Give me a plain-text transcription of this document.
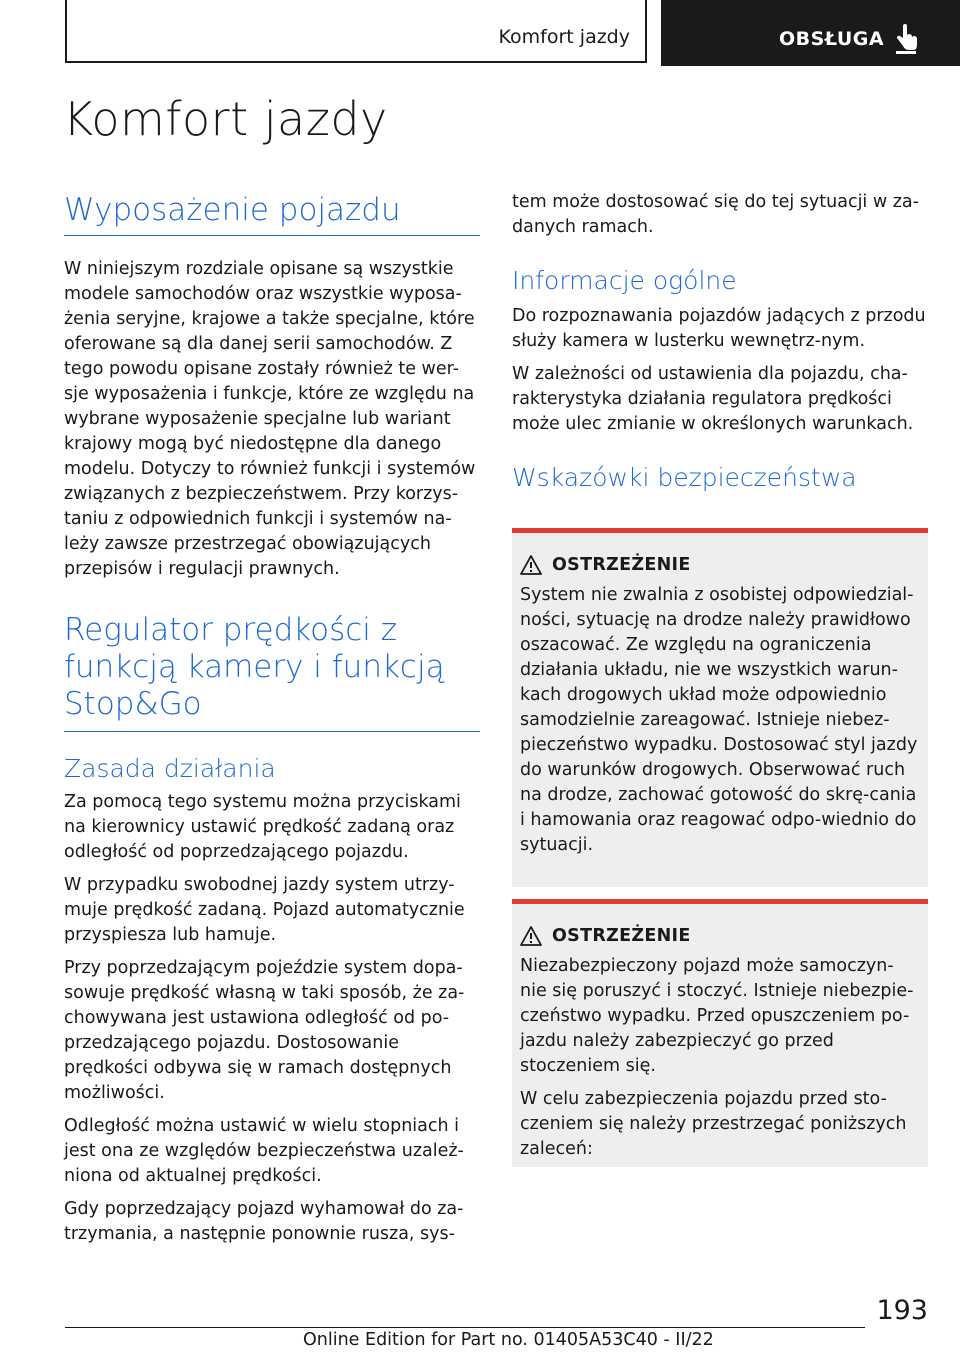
Komfort jazdy	OBSŁUGA
Komfort jazdy
Wyposażenie pojazdu

W niniejszym rozdziale opisane są wszystkie modele samochodów oraz wszystkie wyposa-żenia seryjne, krajowe a także specjalne, które oferowane są dla danej serii samochodów. Z tego powodu opisane zostały również te wer-sje wyposażenia i funkcje, które ze względu na wybrane wyposażenie specjalne lub wariant krajowy mogą być niedostępne dla danego modelu. Dotyczy to również funkcji i systemów związanych z bezpieczeństwem. Przy korzys-taniu z odpowiednich funkcji i systemów na-leży zawsze przestrzegać obowiązujących przepisów i regulacji prawnych.

Regulator prędkości z
funkcją kamery i funkcją
Stop&Go
Zasada działania

Za pomocą tego systemu można przyciskami na kierownicy ustawić prędkość zadaną oraz odległość od poprzedzającego pojazdu.

W przypadku swobodnej jazdy system utrzy-muje prędkość zadaną. Pojazd automatycznie przyspiesza lub hamuje.

Przy poprzedzającym pojeździe system dopa-sowuje prędkość własną w taki sposób, że za-chowywana jest ustawiona odległość od po-przedzającego pojazdu. Dostosowanie prędkości odbywa się w ramach dostępnych możliwości.

Odległość można ustawić w wielu stopniach i jest ona ze względów bezpieczeństwa uzależ-niona od aktualnej prędkości.

Gdy poprzedzający pojazd wyhamował do za-trzymania, a następnie ponownie rusza, sys-

tem może dostosować się do tej sytuacji w za-danych ramach.

Informacje ogólne

Do rozpoznawania pojazdów jadących z przodu służy kamera w lusterku wewnętrz-nym.

W zależności od ustawienia dla pojazdu, cha-rakterystyka działania regulatora prędkości może ulec zmianie w określonych warunkach.

Wskazówki bezpieczeństwa
OSTRZEŻENIE

System nie zwalnia z osobistej odpowiedzial-ności, sytuację na drodze należy prawidłowo oszacować. Ze względu na ograniczenia działania układu, nie we wszystkich warun-kach drogowych układ może odpowiednio samodzielnie zareagować. Istnieje niebez-pieczeństwo wypadku. Dostosować styl jazdy do warunków drogowych. Obserwować ruch na drodze, zachować gotowość do skrę-cania i hamowania oraz reagować odpo-wiednio do sytuacji.

OSTRZEŻENIE

Niezabezpieczony pojazd może samoczyn-nie się poruszyć i stoczyć. Istnieje niebezpie-czeństwo wypadku. Przed opuszczeniem po-jazdu należy zabezpieczyć go przed stoczeniem się.

W celu zabezpieczenia pojazdu przed sto-czeniem się należy przestrzegać poniższych zaleceń:

193
Online Edition for Part no. 01405A53C40 - II/22
